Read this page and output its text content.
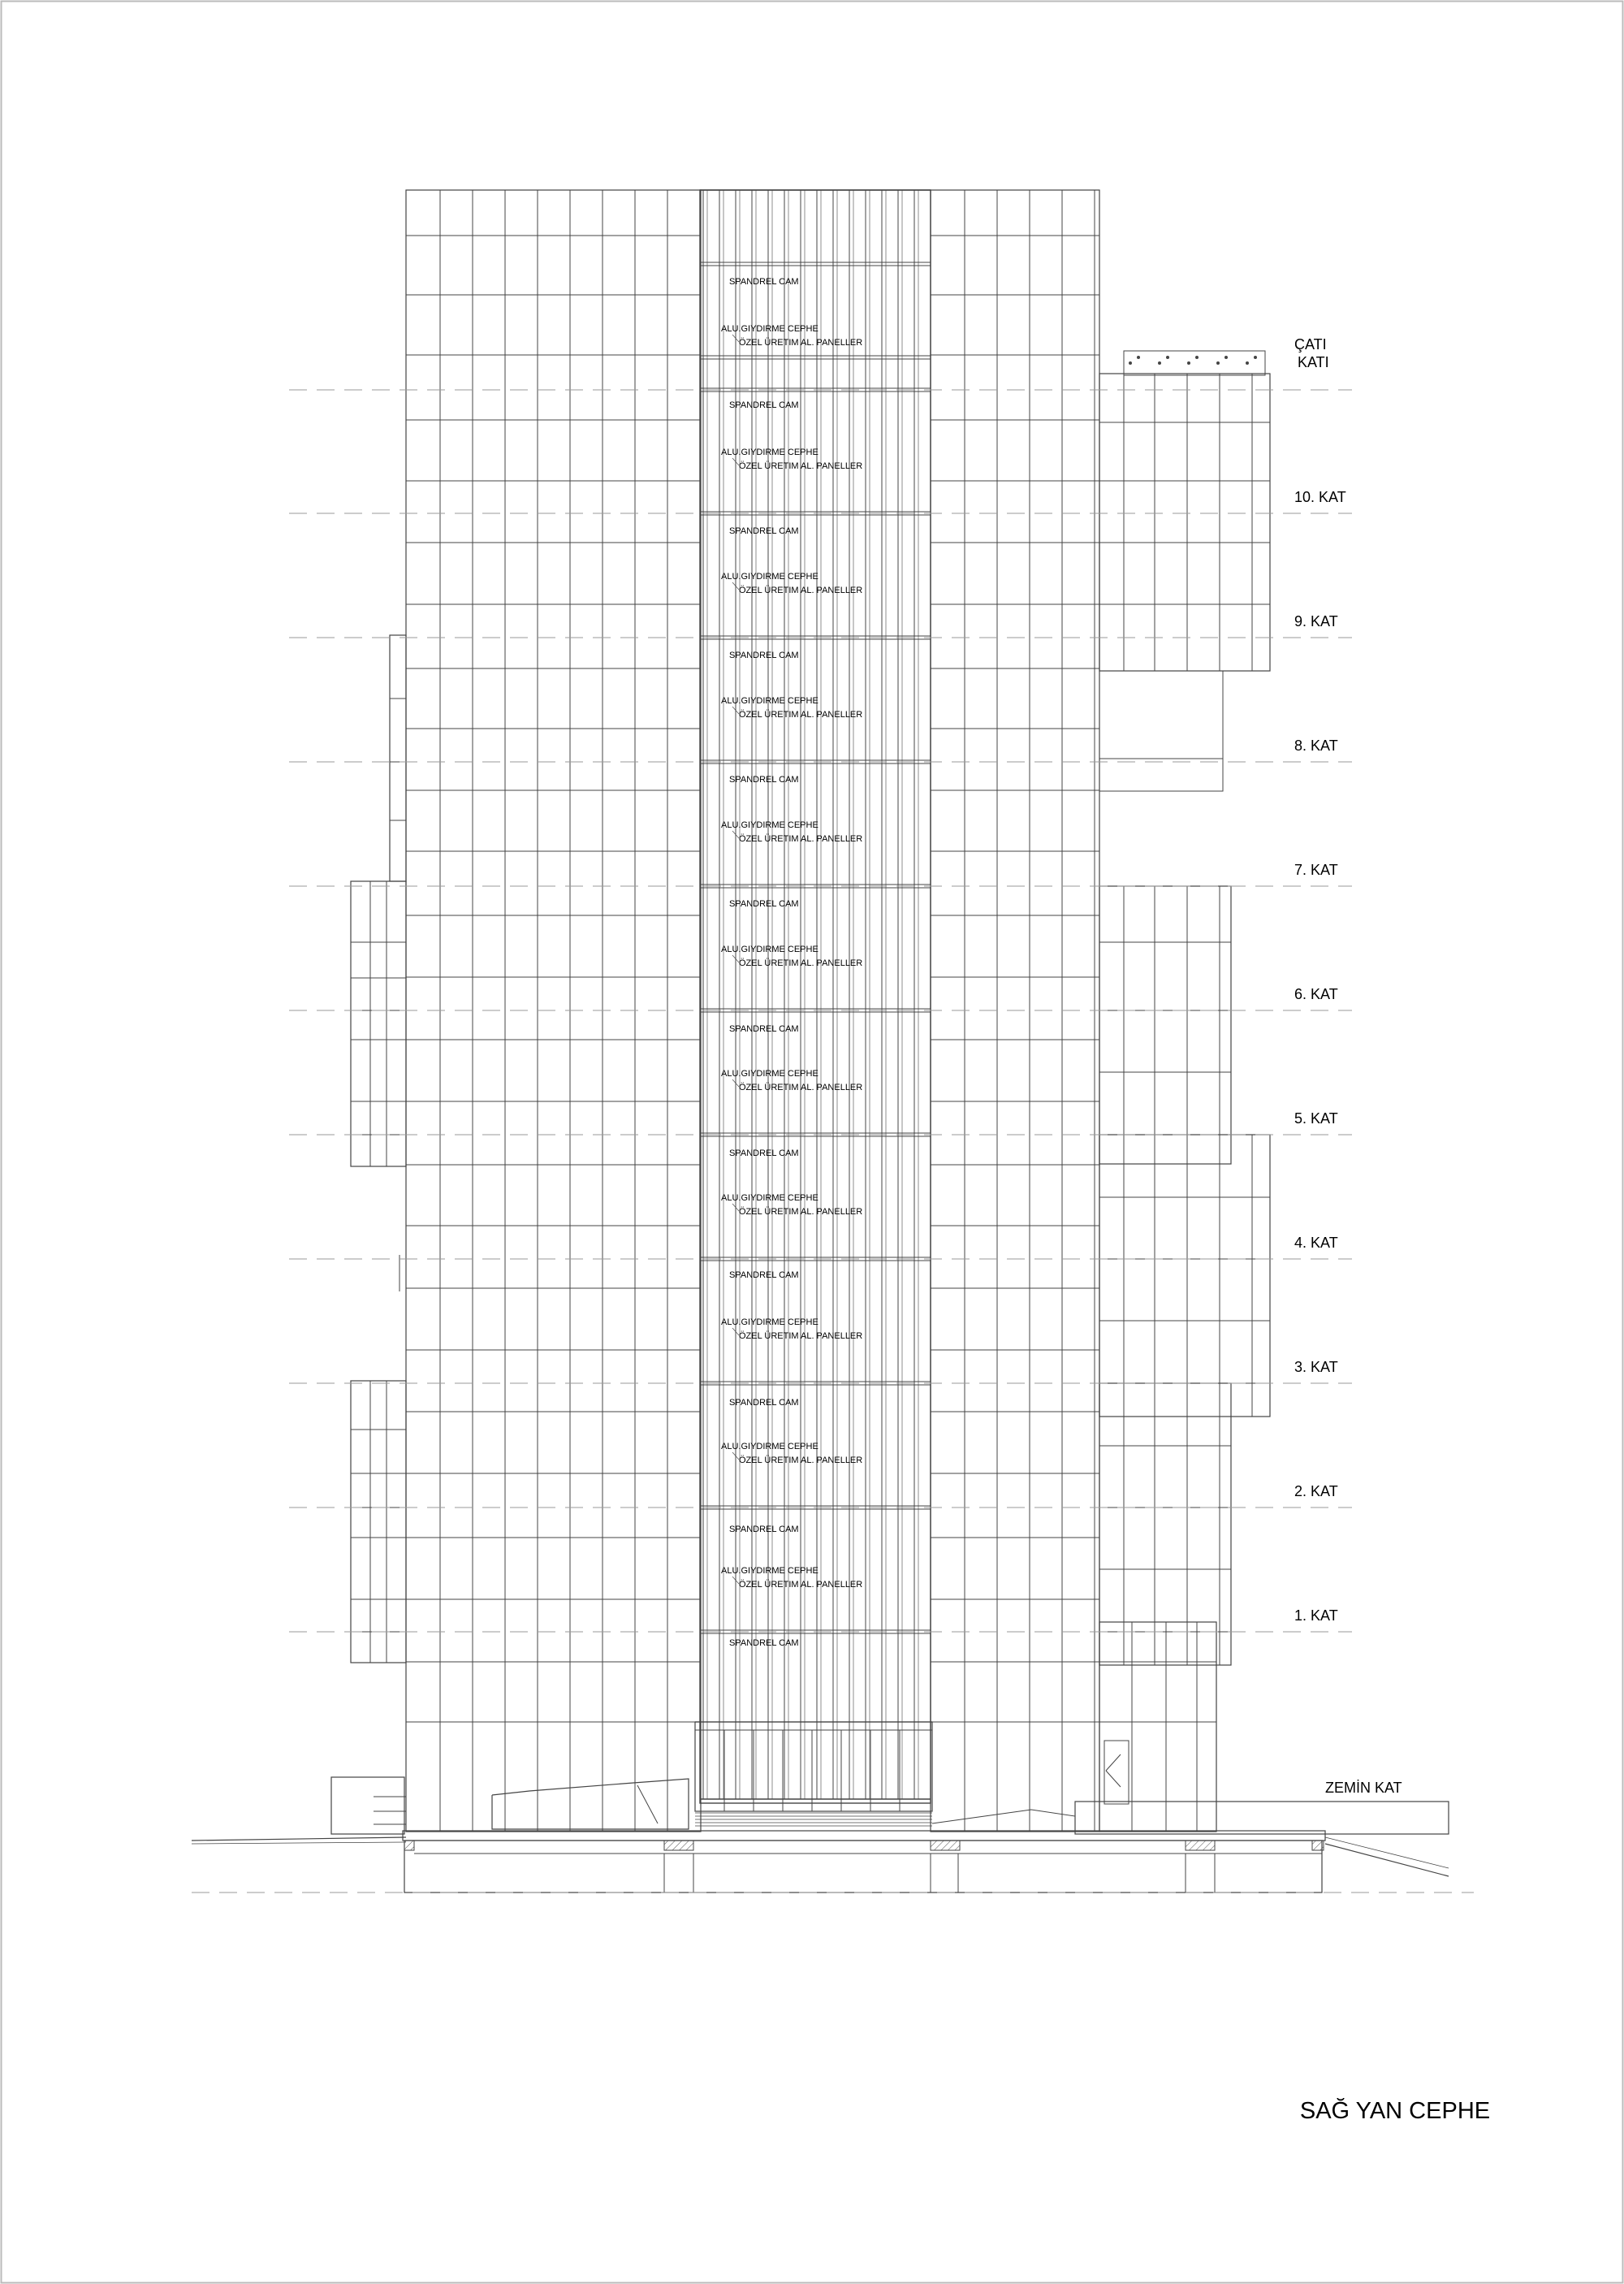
ÇATI KATI
10. KAT
9. KAT
8. KAT
7. KAT
6. KAT
5. KAT
4. KAT
3. KAT
2. KAT
1. KAT
ZEMİN KAT
SPANDREL CAM
SPANDREL CAM
SPANDREL CAM
SPANDREL CAM
SPANDREL CAM
SPANDREL CAM
SPANDREL CAM
SPANDREL CAM
SPANDREL CAM
SPANDREL CAM
SPANDREL CAM
SPANDREL CAM
ALU.GIYDIRME CEPHE
ÖZEL ÜRETIM AL. PANELLER
ALU.GIYDIRME CEPHE
ÖZEL ÜRETIM AL. PANELLER
ALU.GIYDIRME CEPHE
ÖZEL ÜRETIM AL. PANELLER
ALU.GIYDIRME CEPHE
ÖZEL ÜRETIM AL. PANELLER
ALU.GIYDIRME CEPHE
ÖZEL ÜRETIM AL. PANELLER
ALU.GIYDIRME CEPHE
ÖZEL ÜRETIM AL. PANELLER
ALU.GIYDIRME CEPHE
ÖZEL ÜRETIM AL. PANELLER
ALU.GIYDIRME CEPHE
ÖZEL ÜRETIM AL. PANELLER
ALU.GIYDIRME CEPHE
ÖZEL ÜRETIM AL. PANELLER
ALU.GIYDIRME CEPHE
ÖZEL ÜRETIM AL. PANELLER
ALU.GIYDIRME CEPHE
ÖZEL ÜRETIM AL. PANELLER
SAĞ YAN CEPHE
